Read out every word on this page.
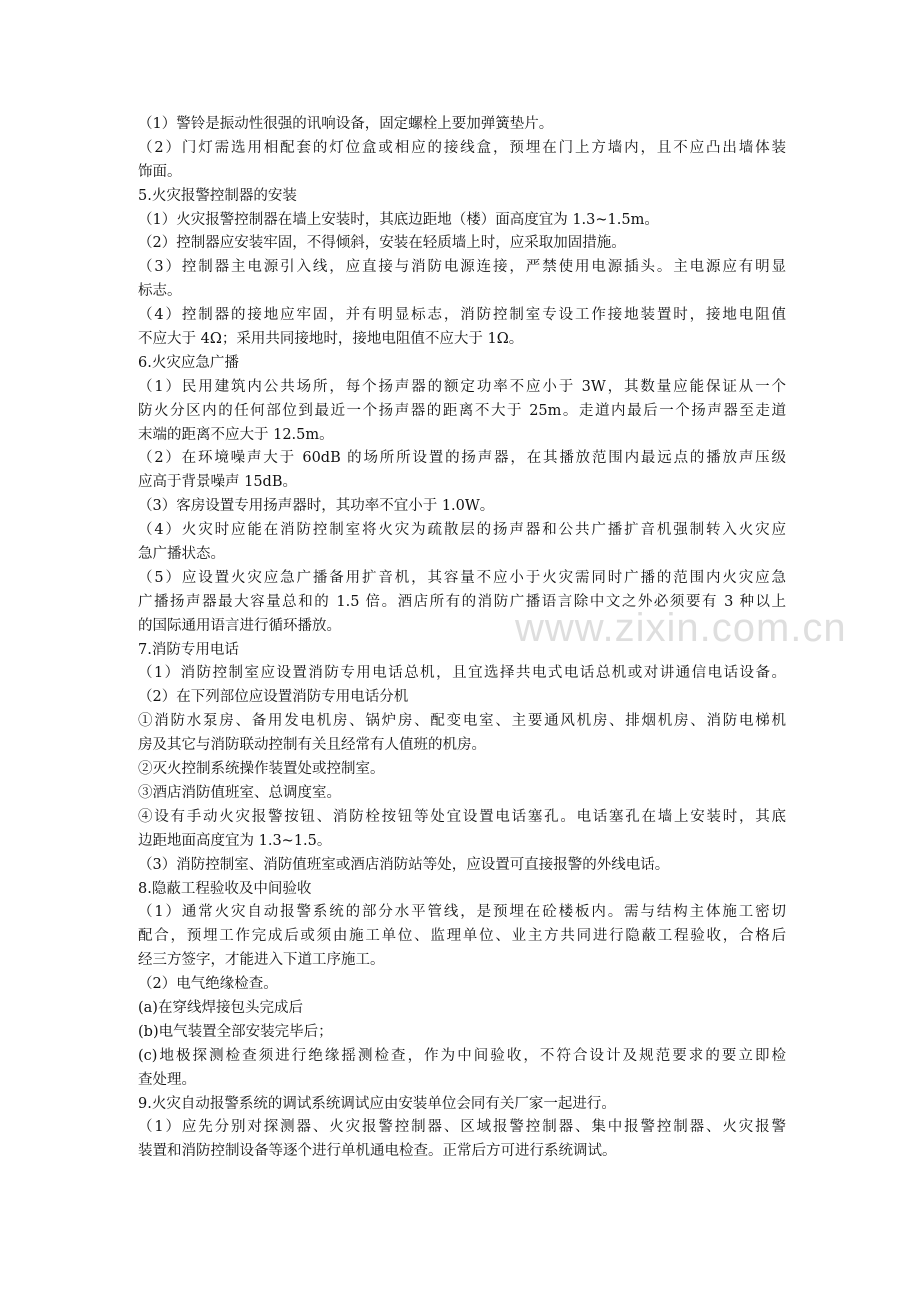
www.zixin.com.cn
（1）警铃是振动性很强的讯响设备，固定螺栓上要加弹簧垫片。
（2）门灯需选用相配套的灯位盒或相应的接线盒，预埋在门上方墙内，且不应凸出墙体装
饰面。
5.火灾报警控制器的安装
（1）火灾报警控制器在墙上安装时，其底边距地（楼）面高度宜为 1.3~1.5m。
（2）控制器应安装牢固，不得倾斜，安装在轻质墙上时，应采取加固措施。
（3）控制器主电源引入线，应直接与消防电源连接，严禁使用电源插头。主电源应有明显
标志。
（4）控制器的接地应牢固，并有明显标志，消防控制室专设工作接地装置时，接地电阻值
不应大于 4Ω；采用共同接地时，接地电阻值不应大于 1Ω。
6.火灾应急广播
（1）民用建筑内公共场所，每个扬声器的额定功率不应小于 3W，其数量应能保证从一个
防火分区内的任何部位到最近一个扬声器的距离不大于 25m。走道内最后一个扬声器至走道
末端的距离不应大于 12.5m。
（2）在环境噪声大于 60dB 的场所所设置的扬声器，在其播放范围内最远点的播放声压级
应高于背景噪声 15dB。
（3）客房设置专用扬声器时，其功率不宜小于 1.0W。
（4）火灾时应能在消防控制室将火灾为疏散层的扬声器和公共广播扩音机强制转入火灾应
急广播状态。
（5）应设置火灾应急广播备用扩音机，其容量不应小于火灾需同时广播的范围内火灾应急
广播扬声器最大容量总和的 1.5 倍。酒店所有的消防广播语言除中文之外必须要有 3 种以上
的国际通用语言进行循环播放。
7.消防专用电话
（1）消防控制室应设置消防专用电话总机，且宜选择共电式电话总机或对讲通信电话设备。
（2）在下列部位应设置消防专用电话分机
①消防水泵房、备用发电机房、锅炉房、配变电室、主要通风机房、排烟机房、消防电梯机
房及其它与消防联动控制有关且经常有人值班的机房。
②灭火控制系统操作装置处或控制室。
③酒店消防值班室、总调度室。
④设有手动火灾报警按钮、消防栓按钮等处宜设置电话塞孔。电话塞孔在墙上安装时，其底
边距地面高度宜为 1.3~1.5。
（3）消防控制室、消防值班室或酒店消防站等处，应设置可直接报警的外线电话。
8.隐蔽工程验收及中间验收
（1）通常火灾自动报警系统的部分水平管线，是预埋在砼楼板内。需与结构主体施工密切
配合，预埋工作完成后或须由施工单位、监理单位、业主方共同进行隐蔽工程验收，合格后
经三方签字，才能进入下道工序施工。
（2）电气绝缘检查。
(a)在穿线焊接包头完成后
(b)电气装置全部安装完毕后；
(c)地极探测检查须进行绝缘摇测检查，作为中间验收，不符合设计及规范要求的要立即检
查处理。
9.火灾自动报警系统的调试系统调试应由安装单位会同有关厂家一起进行。
（1）应先分别对探测器、火灾报警控制器、区域报警控制器、集中报警控制器、火灾报警
装置和消防控制设备等逐个进行单机通电检查。正常后方可进行系统调试。
